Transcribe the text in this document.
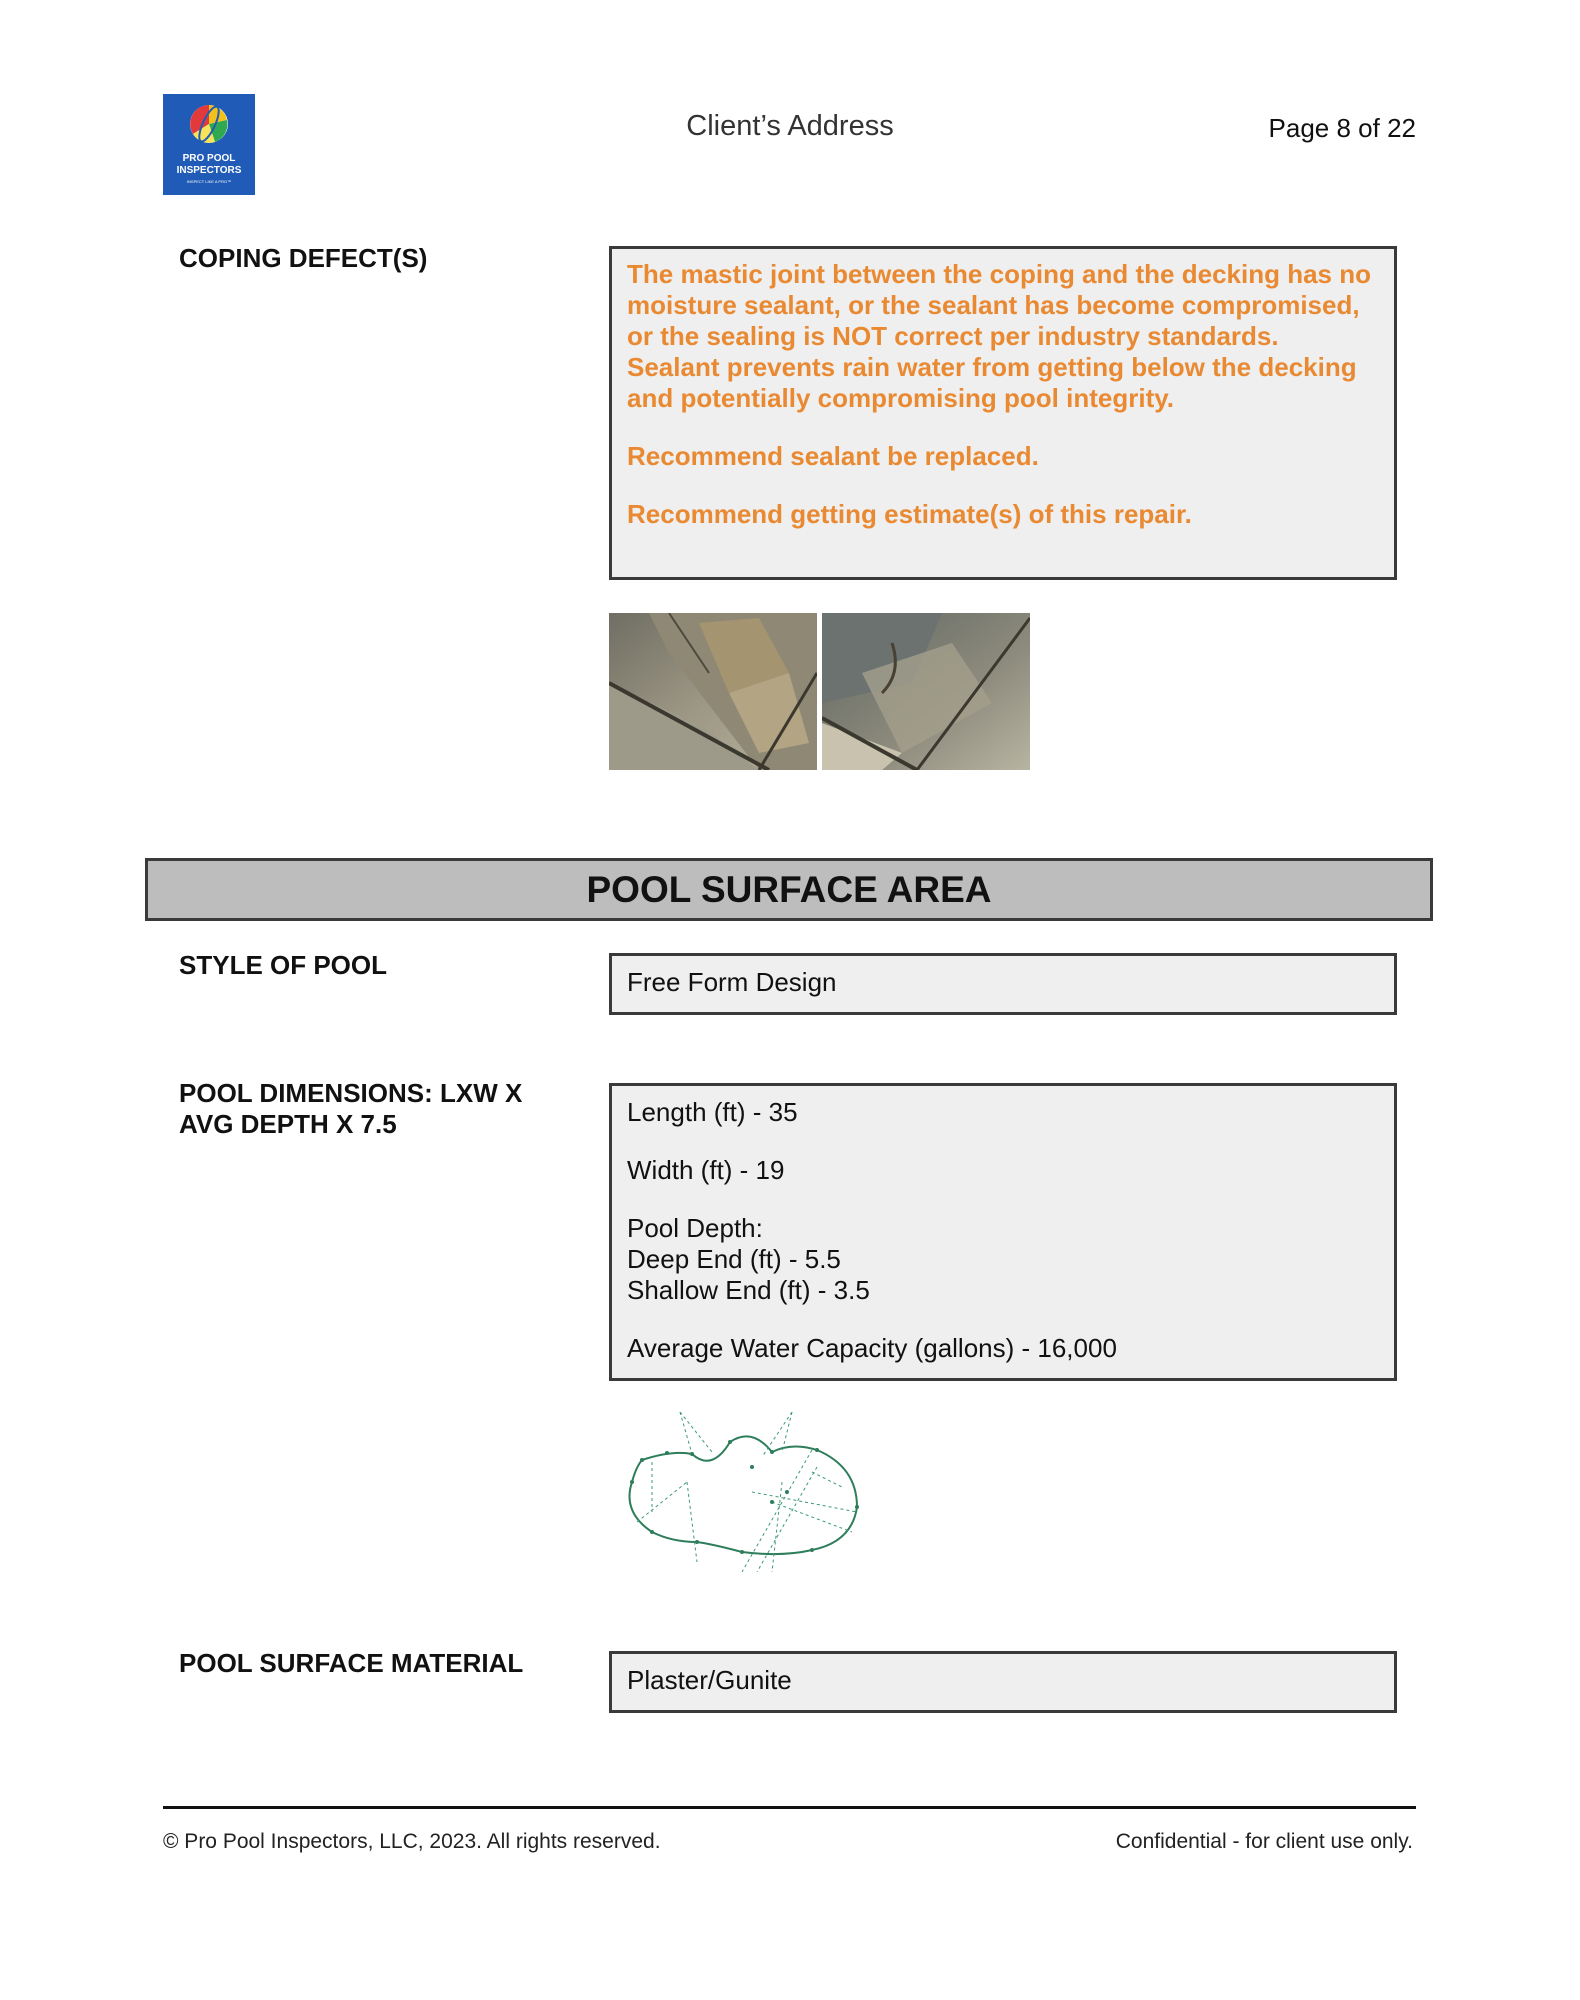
PRO POOL
INSPECTORS
INSPECT LIKE A PRO™
Client’s Address	Page 8 of 22
COPING DEFECT(S)

The mastic joint between the coping and the decking has no moisture sealant, or the sealant has become compromised, or the sealing is NOT correct per industry standards.

Sealant prevents rain water from getting below the decking and potentially compromising pool integrity.

Recommend sealant be replaced.

Recommend getting estimate(s) of this repair.

POOL SURFACE AREA
STYLE OF POOL

Free Form Design

POOL DIMENSIONS: LXW X AVG DEPTH X 7.5	Length (ft) - 35

Width (ft) - 19

Pool Depth:

Deep End (ft) - 5.5

Shallow End (ft) - 3.5

Average Water Capacity (gallons) - 16,000

POOL SURFACE MATERIAL

Plaster/Gunite

© Pro Pool Inspectors, LLC, 2023. All rights reserved.	Confidential - for client use only.
